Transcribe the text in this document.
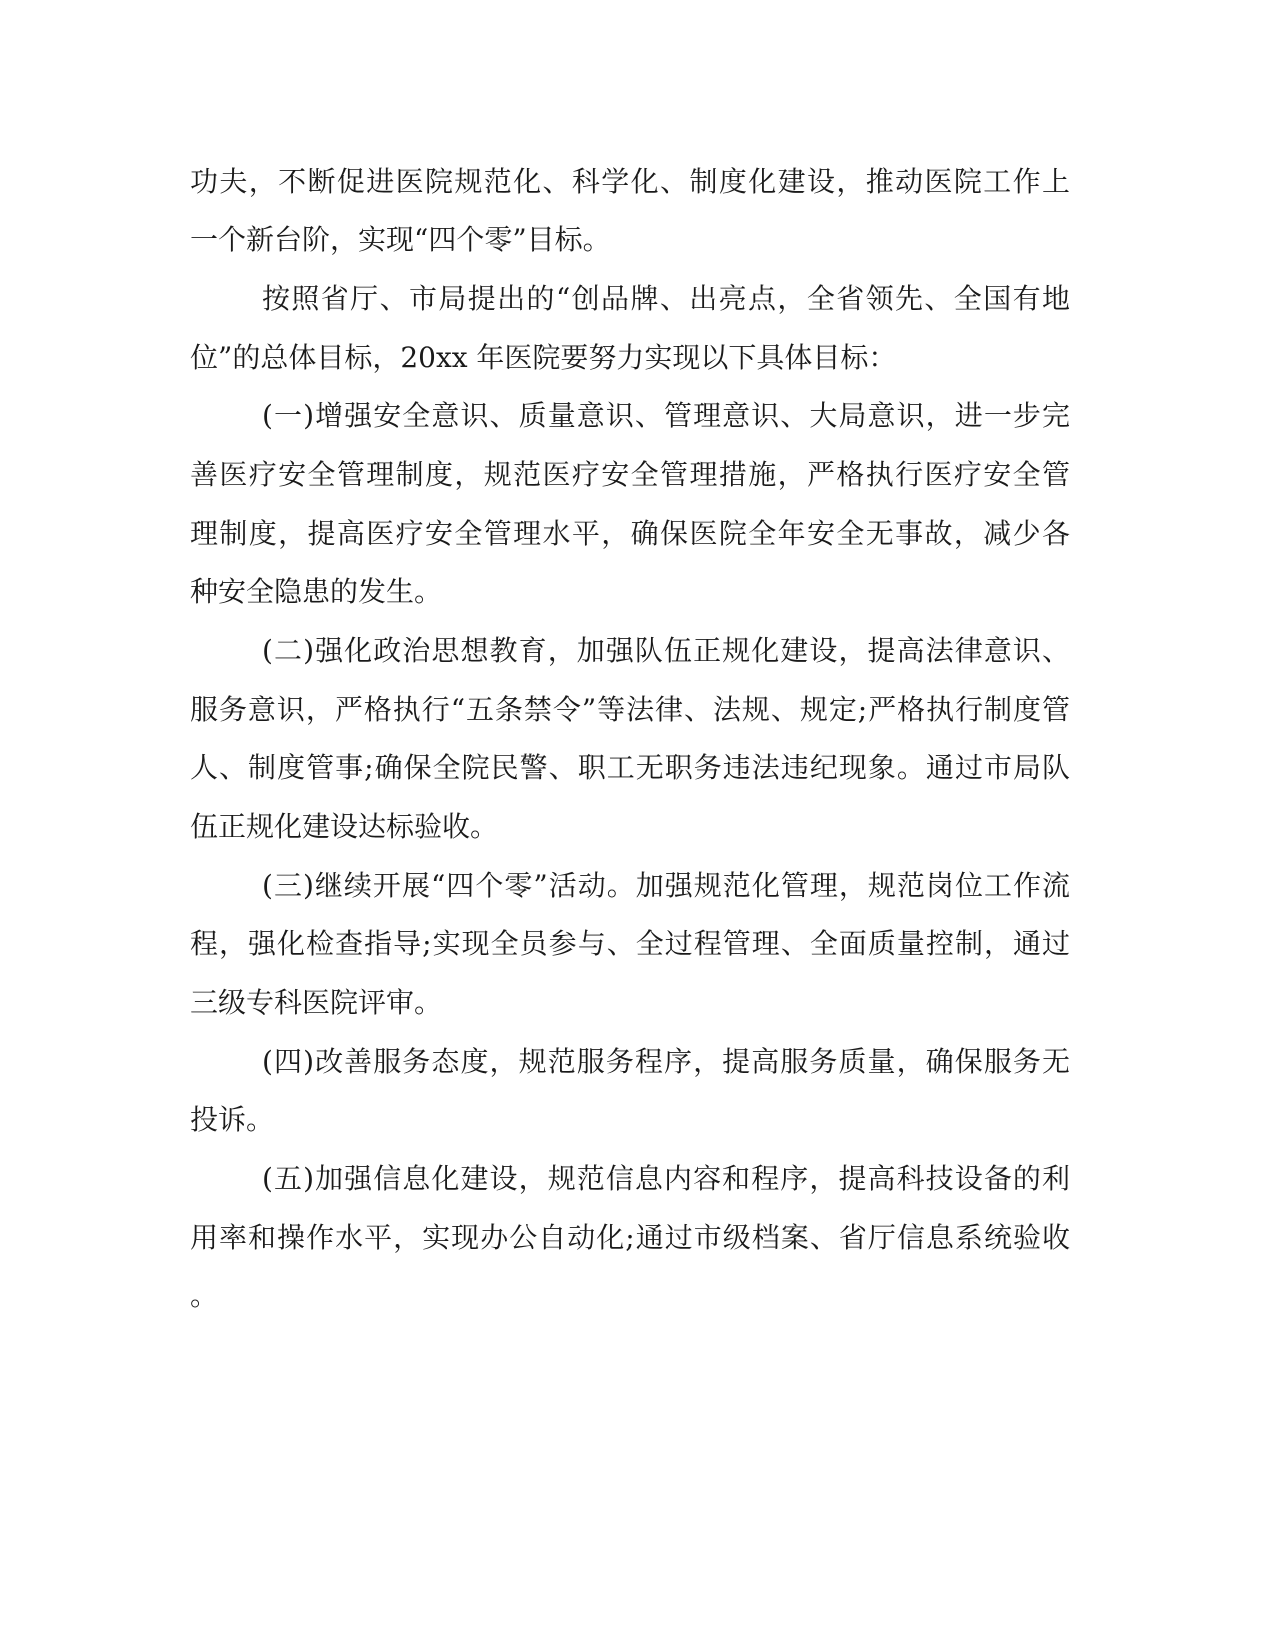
功夫，不断促进医院规范化、科学化、制度化建设，推动医院工作上
一个新台阶，实现“四个零”目标。
按照省厅、市局提出的“创品牌、出亮点，全省领先、全国有地
位”的总体目标，20xx 年医院要努力实现以下具体目标：
(一)增强安全意识、质量意识、管理意识、大局意识，进一步完
善医疗安全管理制度，规范医疗安全管理措施，严格执行医疗安全管
理制度，提高医疗安全管理水平，确保医院全年安全无事故，减少各
种安全隐患的发生。
(二)强化政治思想教育，加强队伍正规化建设，提高法律意识、
服务意识，严格执行“五条禁令”等法律、法规、规定;严格执行制度管
人、制度管事;确保全院民警、职工无职务违法违纪现象。通过市局队
伍正规化建设达标验收。
(三)继续开展“四个零”活动。加强规范化管理，规范岗位工作流
程，强化检查指导;实现全员参与、全过程管理、全面质量控制，通过
三级专科医院评审。
(四)改善服务态度，规范服务程序，提高服务质量，确保服务无
投诉。
(五)加强信息化建设，规范信息内容和程序，提高科技设备的利
用率和操作水平，实现办公自动化;通过市级档案、省厅信息系统验收
。
